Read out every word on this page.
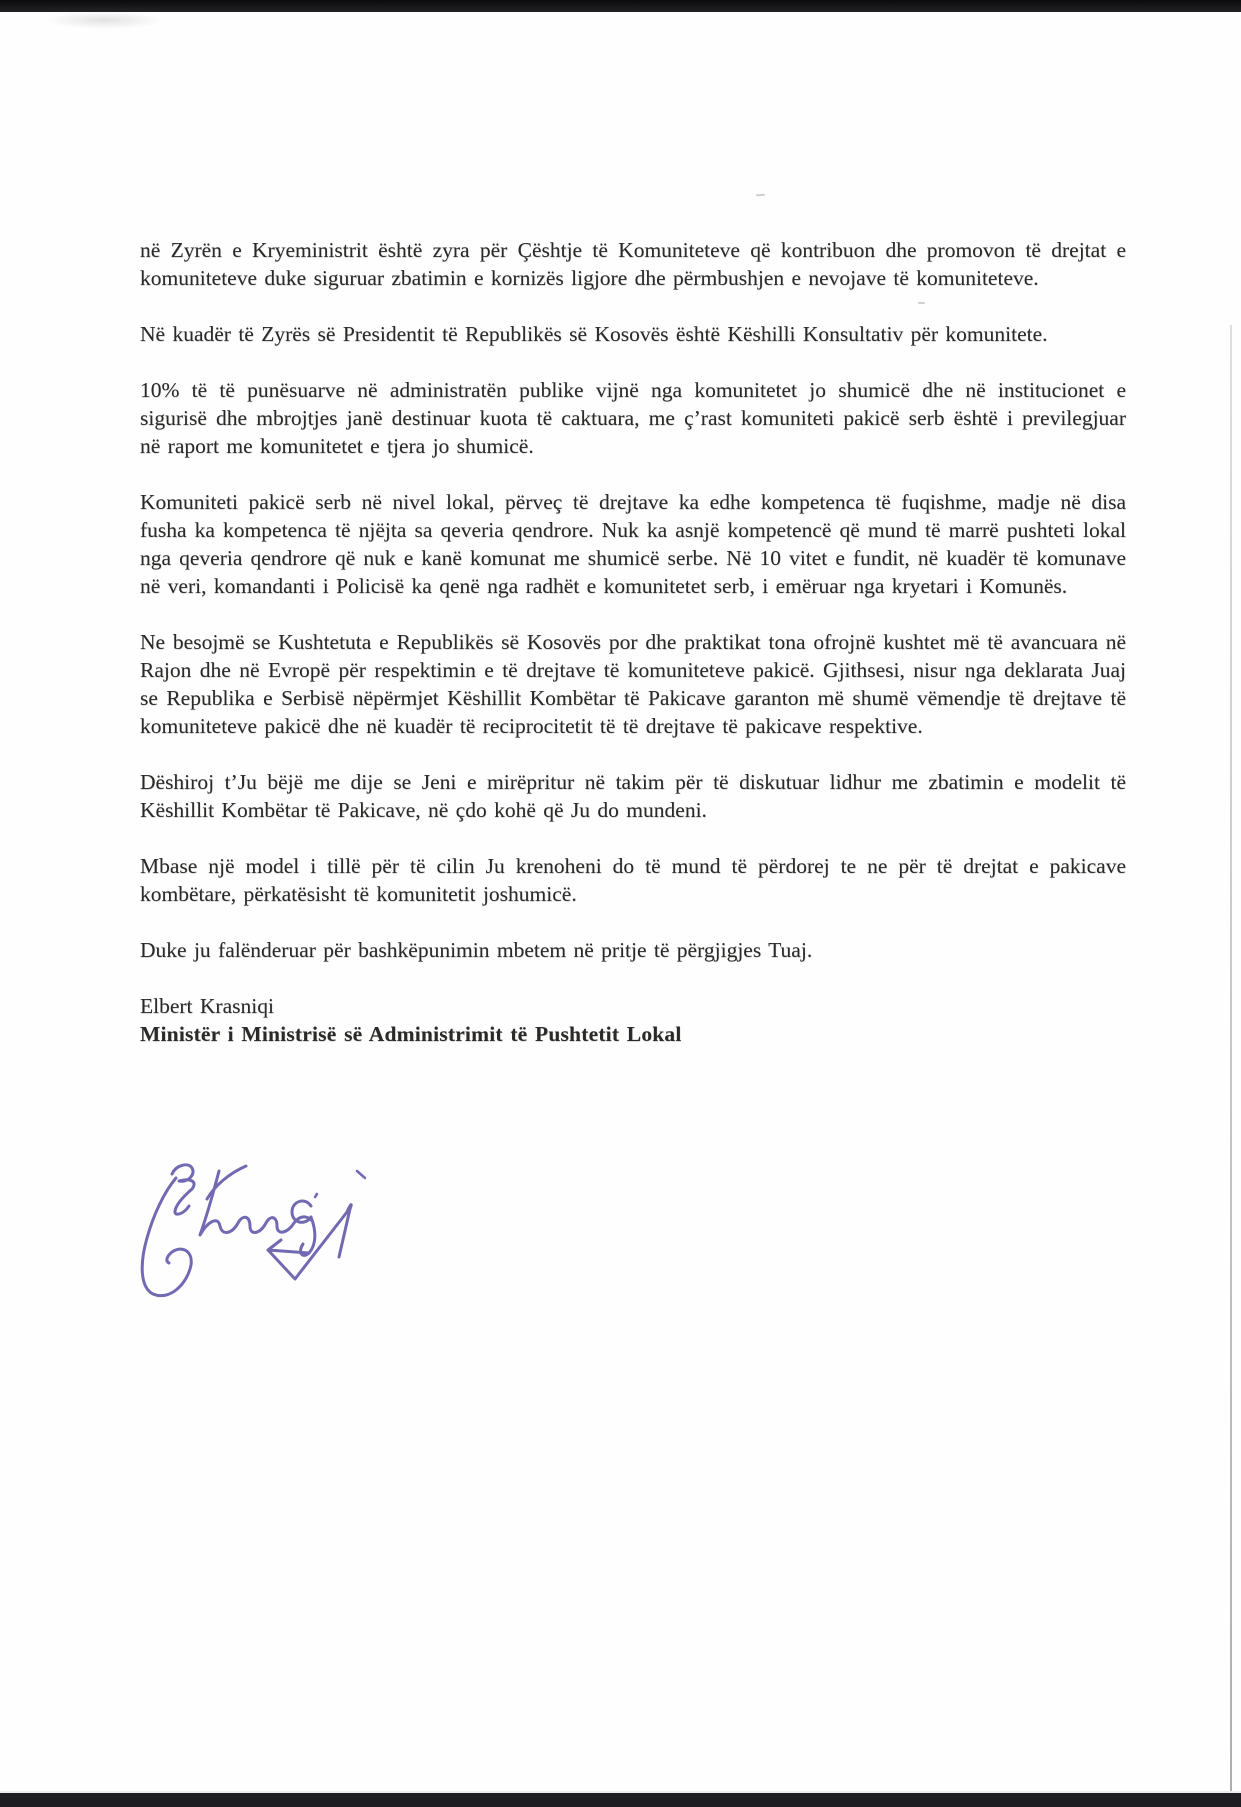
në Zyrën e Kryeministrit është zyra për Çështje të Komuniteteve që kontribuon dhe promovon të drejtat e komuniteteve duke siguruar zbatimin e kornizës ligjore dhe përmbushjen e nevojave të komuniteteve.

Në kuadër të Zyrës së Presidentit të Republikës së Kosovës është Këshilli Konsultativ për komunitete.

10% të të punësuarve në administratën publike vijnë nga komunitetet jo shumicë dhe në institucionet e sigurisë dhe mbrojtjes janë destinuar kuota të caktuara, me ç’rast komuniteti pakicë serb është i previlegjuar në raport me komunitetet e tjera jo shumicë.

Komuniteti pakicë serb në nivel lokal, përveç të drejtave ka edhe kompetenca të fuqishme, madje në disa fusha ka kompetenca të njëjta sa qeveria qendrore. Nuk ka asnjë kompetencë që mund të marrë pushteti lokal nga qeveria qendrore që nuk e kanë komunat me shumicë serbe. Në 10 vitet e fundit, në kuadër të komunave në veri, komandanti i Policisë ka qenë nga radhët e komunitetet serb, i emëruar nga kryetari i Komunës.

Ne besojmë se Kushtetuta e Republikës së Kosovës por dhe praktikat tona ofrojnë kushtet më të avancuara në Rajon dhe në Evropë për respektimin e të drejtave të komuniteteve pakicë. Gjithsesi, nisur nga deklarata Juaj se Republika e Serbisë nëpërmjet Këshillit Kombëtar të Pakicave garanton më shumë vëmendje të drejtave të komuniteteve pakicë dhe në kuadër të reciprocitetit të të drejtave të pakicave respektive.

Dëshiroj t’Ju bëjë me dije se Jeni e mirëpritur në takim për të diskutuar lidhur me zbatimin e modelit të Këshillit Kombëtar të Pakicave, në çdo kohë që Ju do mundeni.

Mbase një model i tillë për të cilin Ju krenoheni do të mund të përdorej te ne për të drejtat e pakicave kombëtare, përkatësisht të komunitetit joshumicë.

Duke ju falënderuar për bashkëpunimin mbetem në pritje të përgjigjes Tuaj.

Elbert Krasniqi

Ministër i Ministrisë së Administrimit të Pushtetit Lokal
